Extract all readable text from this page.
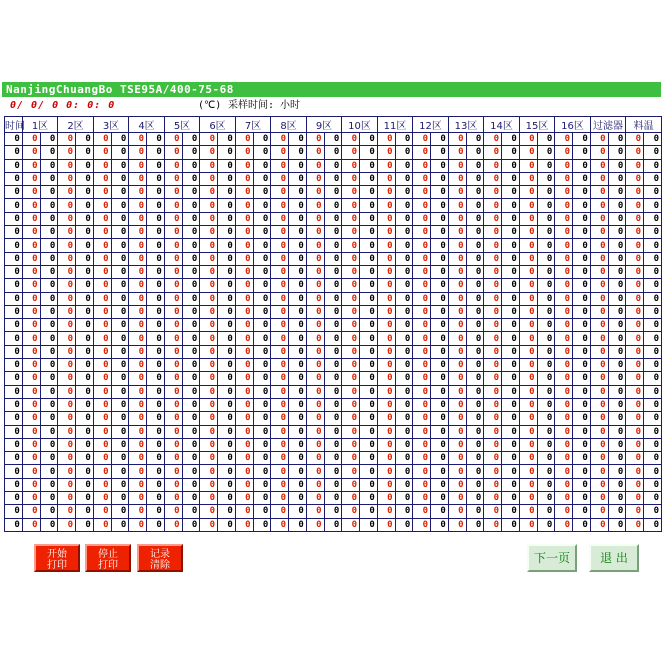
NanjingChuangBo TSE95A/400-75-68
0/ 0/ 0 0: 0: 0	(℃) 采样时间: 小时
时间	1区		2区		3区		4区		5区		6区		7区		8区		9区		10区		11区		12区		13区		14区		15区		16区		过滤器		料温	
0	0	0	0	0	0	0	0	0	0	0	0	0	0	0	0	0	0	0	0	0	0	0	0	0	0	0	0	0	0	0	0	0	0	0	0	0
0	0	0	0	0	0	0	0	0	0	0	0	0	0	0	0	0	0	0	0	0	0	0	0	0	0	0	0	0	0	0	0	0	0	0	0	0
0	0	0	0	0	0	0	0	0	0	0	0	0	0	0	0	0	0	0	0	0	0	0	0	0	0	0	0	0	0	0	0	0	0	0	0	0
0	0	0	0	0	0	0	0	0	0	0	0	0	0	0	0	0	0	0	0	0	0	0	0	0	0	0	0	0	0	0	0	0	0	0	0	0
0	0	0	0	0	0	0	0	0	0	0	0	0	0	0	0	0	0	0	0	0	0	0	0	0	0	0	0	0	0	0	0	0	0	0	0	0
0	0	0	0	0	0	0	0	0	0	0	0	0	0	0	0	0	0	0	0	0	0	0	0	0	0	0	0	0	0	0	0	0	0	0	0	0
0	0	0	0	0	0	0	0	0	0	0	0	0	0	0	0	0	0	0	0	0	0	0	0	0	0	0	0	0	0	0	0	0	0	0	0	0
0	0	0	0	0	0	0	0	0	0	0	0	0	0	0	0	0	0	0	0	0	0	0	0	0	0	0	0	0	0	0	0	0	0	0	0	0
0	0	0	0	0	0	0	0	0	0	0	0	0	0	0	0	0	0	0	0	0	0	0	0	0	0	0	0	0	0	0	0	0	0	0	0	0
0	0	0	0	0	0	0	0	0	0	0	0	0	0	0	0	0	0	0	0	0	0	0	0	0	0	0	0	0	0	0	0	0	0	0	0	0
0	0	0	0	0	0	0	0	0	0	0	0	0	0	0	0	0	0	0	0	0	0	0	0	0	0	0	0	0	0	0	0	0	0	0	0	0
0	0	0	0	0	0	0	0	0	0	0	0	0	0	0	0	0	0	0	0	0	0	0	0	0	0	0	0	0	0	0	0	0	0	0	0	0
0	0	0	0	0	0	0	0	0	0	0	0	0	0	0	0	0	0	0	0	0	0	0	0	0	0	0	0	0	0	0	0	0	0	0	0	0
0	0	0	0	0	0	0	0	0	0	0	0	0	0	0	0	0	0	0	0	0	0	0	0	0	0	0	0	0	0	0	0	0	0	0	0	0
0	0	0	0	0	0	0	0	0	0	0	0	0	0	0	0	0	0	0	0	0	0	0	0	0	0	0	0	0	0	0	0	0	0	0	0	0
0	0	0	0	0	0	0	0	0	0	0	0	0	0	0	0	0	0	0	0	0	0	0	0	0	0	0	0	0	0	0	0	0	0	0	0	0
0	0	0	0	0	0	0	0	0	0	0	0	0	0	0	0	0	0	0	0	0	0	0	0	0	0	0	0	0	0	0	0	0	0	0	0	0
0	0	0	0	0	0	0	0	0	0	0	0	0	0	0	0	0	0	0	0	0	0	0	0	0	0	0	0	0	0	0	0	0	0	0	0	0
0	0	0	0	0	0	0	0	0	0	0	0	0	0	0	0	0	0	0	0	0	0	0	0	0	0	0	0	0	0	0	0	0	0	0	0	0
0	0	0	0	0	0	0	0	0	0	0	0	0	0	0	0	0	0	0	0	0	0	0	0	0	0	0	0	0	0	0	0	0	0	0	0	0
0	0	0	0	0	0	0	0	0	0	0	0	0	0	0	0	0	0	0	0	0	0	0	0	0	0	0	0	0	0	0	0	0	0	0	0	0
0	0	0	0	0	0	0	0	0	0	0	0	0	0	0	0	0	0	0	0	0	0	0	0	0	0	0	0	0	0	0	0	0	0	0	0	0
0	0	0	0	0	0	0	0	0	0	0	0	0	0	0	0	0	0	0	0	0	0	0	0	0	0	0	0	0	0	0	0	0	0	0	0	0
0	0	0	0	0	0	0	0	0	0	0	0	0	0	0	0	0	0	0	0	0	0	0	0	0	0	0	0	0	0	0	0	0	0	0	0	0
0	0	0	0	0	0	0	0	0	0	0	0	0	0	0	0	0	0	0	0	0	0	0	0	0	0	0	0	0	0	0	0	0	0	0	0	0
0	0	0	0	0	0	0	0	0	0	0	0	0	0	0	0	0	0	0	0	0	0	0	0	0	0	0	0	0	0	0	0	0	0	0	0	0
0	0	0	0	0	0	0	0	0	0	0	0	0	0	0	0	0	0	0	0	0	0	0	0	0	0	0	0	0	0	0	0	0	0	0	0	0
0	0	0	0	0	0	0	0	0	0	0	0	0	0	0	0	0	0	0	0	0	0	0	0	0	0	0	0	0	0	0	0	0	0	0	0	0
0	0	0	0	0	0	0	0	0	0	0	0	0	0	0	0	0	0	0	0	0	0	0	0	0	0	0	0	0	0	0	0	0	0	0	0	0
0	0	0	0	0	0	0	0	0	0	0	0	0	0	0	0	0	0	0	0	0	0	0	0	0	0	0	0	0	0	0	0	0	0	0	0	0
开始
打印
停止
打印
记录
清除
下一页	退 出
